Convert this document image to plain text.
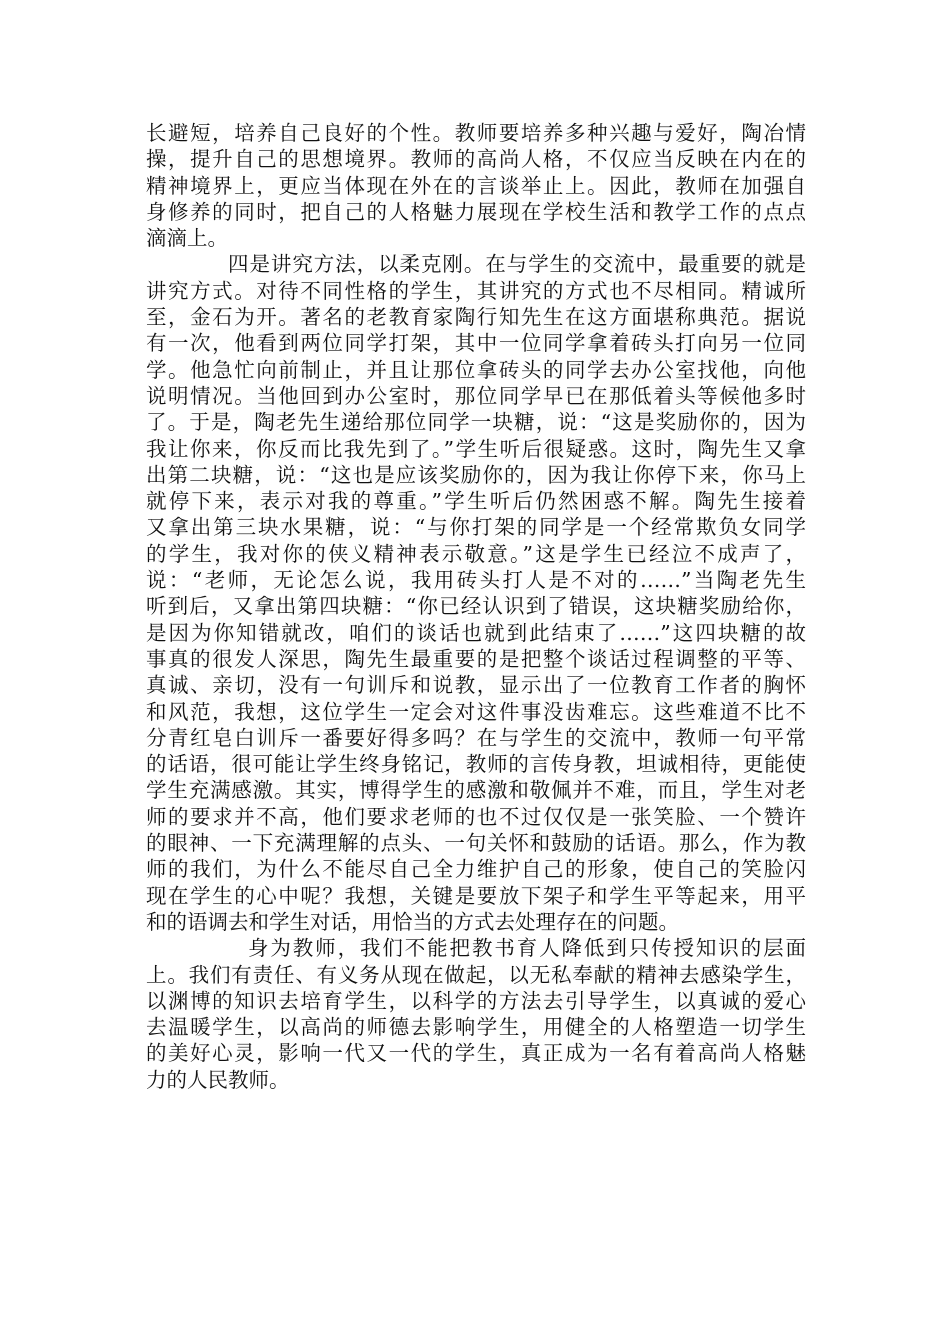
长避短，培养自己良好的个性。教师要培养多种兴趣与爱好，陶冶情
操，提升自己的思想境界。教师的高尚人格，不仅应当反映在内在的
精神境界上，更应当体现在外在的言谈举止上。因此，教师在加强自
身修养的同时，把自己的人格魅力展现在学校生活和教学工作的点点
滴滴上。
四是讲究方法，以柔克刚。在与学生的交流中，最重要的就是
讲究方式。对待不同性格的学生，其讲究的方式也不尽相同。精诚所
至，金石为开。著名的老教育家陶行知先生在这方面堪称典范。据说
有一次，他看到两位同学打架，其中一位同学拿着砖头打向另一位同
学。他急忙向前制止，并且让那位拿砖头的同学去办公室找他，向他
说明情况。当他回到办公室时，那位同学早已在那低着头等候他多时
了。于是，陶老先生递给那位同学一块糖，说：“这是奖励你的，因为
我让你来，你反而比我先到了。”学生听后很疑惑。这时，陶先生又拿
出第二块糖，说：“这也是应该奖励你的，因为我让你停下来，你马上
就停下来，表示对我的尊重。”学生听后仍然困惑不解。陶先生接着
又拿出第三块水果糖，说：“与你打架的同学是一个经常欺负女同学
的学生，我对你的侠义精神表示敬意。”这是学生已经泣不成声了，
说：“老师，无论怎么说，我用砖头打人是不对的……”当陶老先生
听到后，又拿出第四块糖：“你已经认识到了错误，这块糖奖励给你，
是因为你知错就改，咱们的谈话也就到此结束了……”这四块糖的故
事真的很发人深思，陶先生最重要的是把整个谈话过程调整的平等、
真诚、亲切，没有一句训斥和说教，显示出了一位教育工作者的胸怀
和风范，我想，这位学生一定会对这件事没齿难忘。这些难道不比不
分青红皂白训斥一番要好得多吗？在与学生的交流中，教师一句平常
的话语，很可能让学生终身铭记，教师的言传身教，坦诚相待，更能使
学生充满感激。其实，博得学生的感激和敬佩并不难，而且，学生对老
师的要求并不高，他们要求老师的也不过仅仅是一张笑脸、一个赞许
的眼神、一下充满理解的点头、一句关怀和鼓励的话语。那么，作为教
师的我们，为什么不能尽自己全力维护自己的形象，使自己的笑脸闪
现在学生的心中呢？我想，关键是要放下架子和学生平等起来，用平
和的语调去和学生对话，用恰当的方式去处理存在的问题。
身为教师，我们不能把教书育人降低到只传授知识的层面
上。我们有责任、有义务从现在做起，以无私奉献的精神去感染学生，
以渊博的知识去培育学生，以科学的方法去引导学生，以真诚的爱心
去温暖学生，以高尚的师德去影响学生，用健全的人格塑造一切学生
的美好心灵，影响一代又一代的学生，真正成为一名有着高尚人格魅
力的人民教师。
